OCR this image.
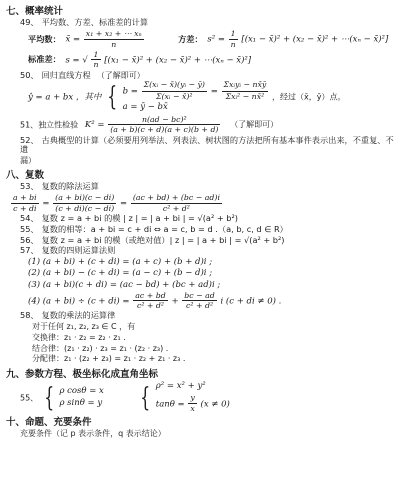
七、概率统计
49、 平均数、方差、标准差的计算
平均数： x̄ = $\frac{\text{x₁ + x₂ + ⋯ xₙ}}{n}$	方差： $s^2 = \frac{1}{n} [(x_1$ − x̄)² + (x₂ − x̄)² + ⋯(xₙ − x̄)²]
标准差： s = √ $\frac{1}{n} [(x_1$ − x̄)² + (x₂ − x̄)² + ⋯(xₙ − x̄)²]
50、 回归直线方程 （了解即可）
ŷ = a + bx ，其中 { $b = \frac{\text{Σ(xᵢ − x̄)(yᵢ − ȳ)}}{\text{Σ(xᵢ − x̄)²}} = \frac{\text{Σxᵢyᵢ − nx̄ȳ}}{\text{Σxᵢ² − nx̄²}}$
a = ȳ − bx̄
，经过（x̄，ȳ）点。
51、独立性检验 $K^2 = \frac{\text{n(ad − bc)²}}{(a + b)(c + d)(a + c)(b + d)}$ （了解即可）
52、 古典概型的计算（必须要用列举法、列表法、树状图的方法把所有基本事件表示出来，不重复、不遗
漏）
八、复数
53、 复数的除法运算
$\frac{a + bi}{c + di} = \frac{(a + bi)(c - di)}{(c + di)(c - di)} = \frac{(ac + bd) + (bc - ad)i}{\text{c² + d²}}$
54、 复数 z = a + bi 的模 | z | = | a + bi | = √(a² + b²)
55、 复数的相等：a + bi = c + di ⇔ a = c, b = d .（a, b, c, d ∈ R）
56、 复数 z = a + bi 的模（或绝对值）| z | = | a + bi | = √(a² + b²)
57、 复数的四则运算法则
(1) (a + bi) + (c + di) = (a + c) + (b + d)i ;
(2) (a + bi) − (c + di) = (a − c) + (b − d)i ;
(3) (a + bi)(c + di) = (ac − bd) + (bc + ad)i ;
(4) $(a + bi) \div (c + di) = \frac{ac + bd}{\text{c² + d²}} + \frac{bc - ad}{\text{c² + d²}}$ i (c + di ≠ 0) .
58、 复数的乘法的运算律
对于任何 z₁, z₂, z₃ ∈ C ，有
交换律：z₁ · z₂ = z₂ · z₁ .
结合律：(z₁ · z₂) · z₃ = z₁ · (z₂ · z₃) .
分配律：z₁ · (z₂ + z₃) = z₁ · z₂ + z₁ · z₃ .
九、参数方程、极坐标化成直角坐标
55、 { ρ cosθ = x
ρ sinθ = y
{ ρ² = x² + y²
$\tan\theta = \frac{y}{x} (x \ne 0)$
十、命题、充要条件
充要条件（记 p 表示条件，q 表示结论）
